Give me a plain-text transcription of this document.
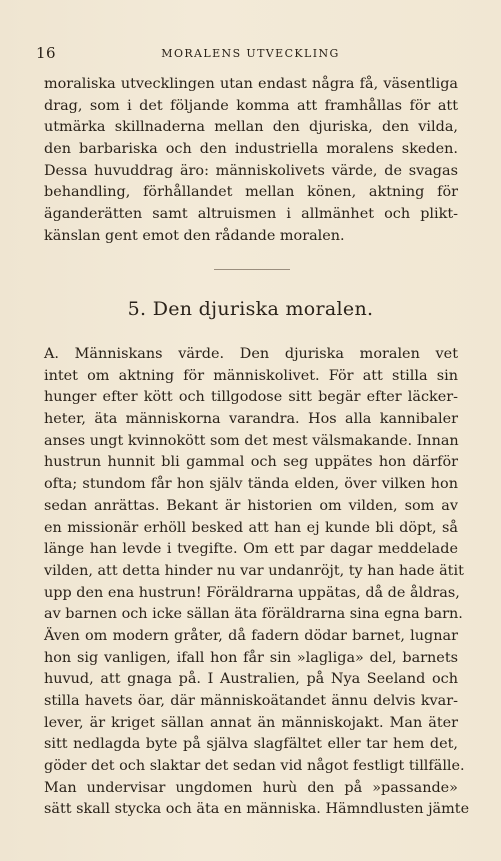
16	MORALENS UTVECKLING
moraliska utvecklingen utan endast några få, väsentliga
drag, som i det följande komma att framhållas för att
utmärka skillnaderna mellan den djuriska, den vilda,
den barbariska och den industriella moralens skeden.
Dessa huvuddrag äro: människolivets värde, de svagas
behandling, förhållandet mellan könen, aktning för
äganderätten samt altruismen i allmänhet och plikt-
känslan gent emot den rådande moralen.
5. Den djuriska moralen.
A. Människans värde. Den djuriska moralen vet
intet om aktning för människolivet. För att stilla sin
hunger efter kött och tillgodose sitt begär efter läcker-
heter, äta människorna varandra. Hos alla kannibaler
anses ungt kvinnokött som det mest välsmakande. Innan
hustrun hunnit bli gammal och seg uppätes hon därför
ofta; stundom får hon själv tända elden, över vilken hon
sedan anrättas. Bekant är historien om vilden, som av
en missionär erhöll besked att han ej kunde bli döpt, så
länge han levde i tvegifte. Om ett par dagar meddelade
vilden, att detta hinder nu var undanröjt, ty han hade ätit
upp den ena hustrun! Föräldrarna uppätas, då de åldras,
av barnen och icke sällan äta föräldrarna sina egna barn.
Även om modern gråter, då fadern dödar barnet, lugnar
hon sig vanligen, ifall hon får sin »lagliga» del, barnets
huvud, att gnaga på. I Australien, på Nya Seeland och
stilla havets öar, där människoätandet ännu delvis kvar-
lever, är kriget sällan annat än människojakt. Man äter
sitt nedlagda byte på själva slagfältet eller tar hem det,
göder det och slaktar det sedan vid något festligt tillfälle.
Man undervisar ungdomen hurù den på »passande»
sätt skall stycka och äta en människa. Hämndlusten jämte
